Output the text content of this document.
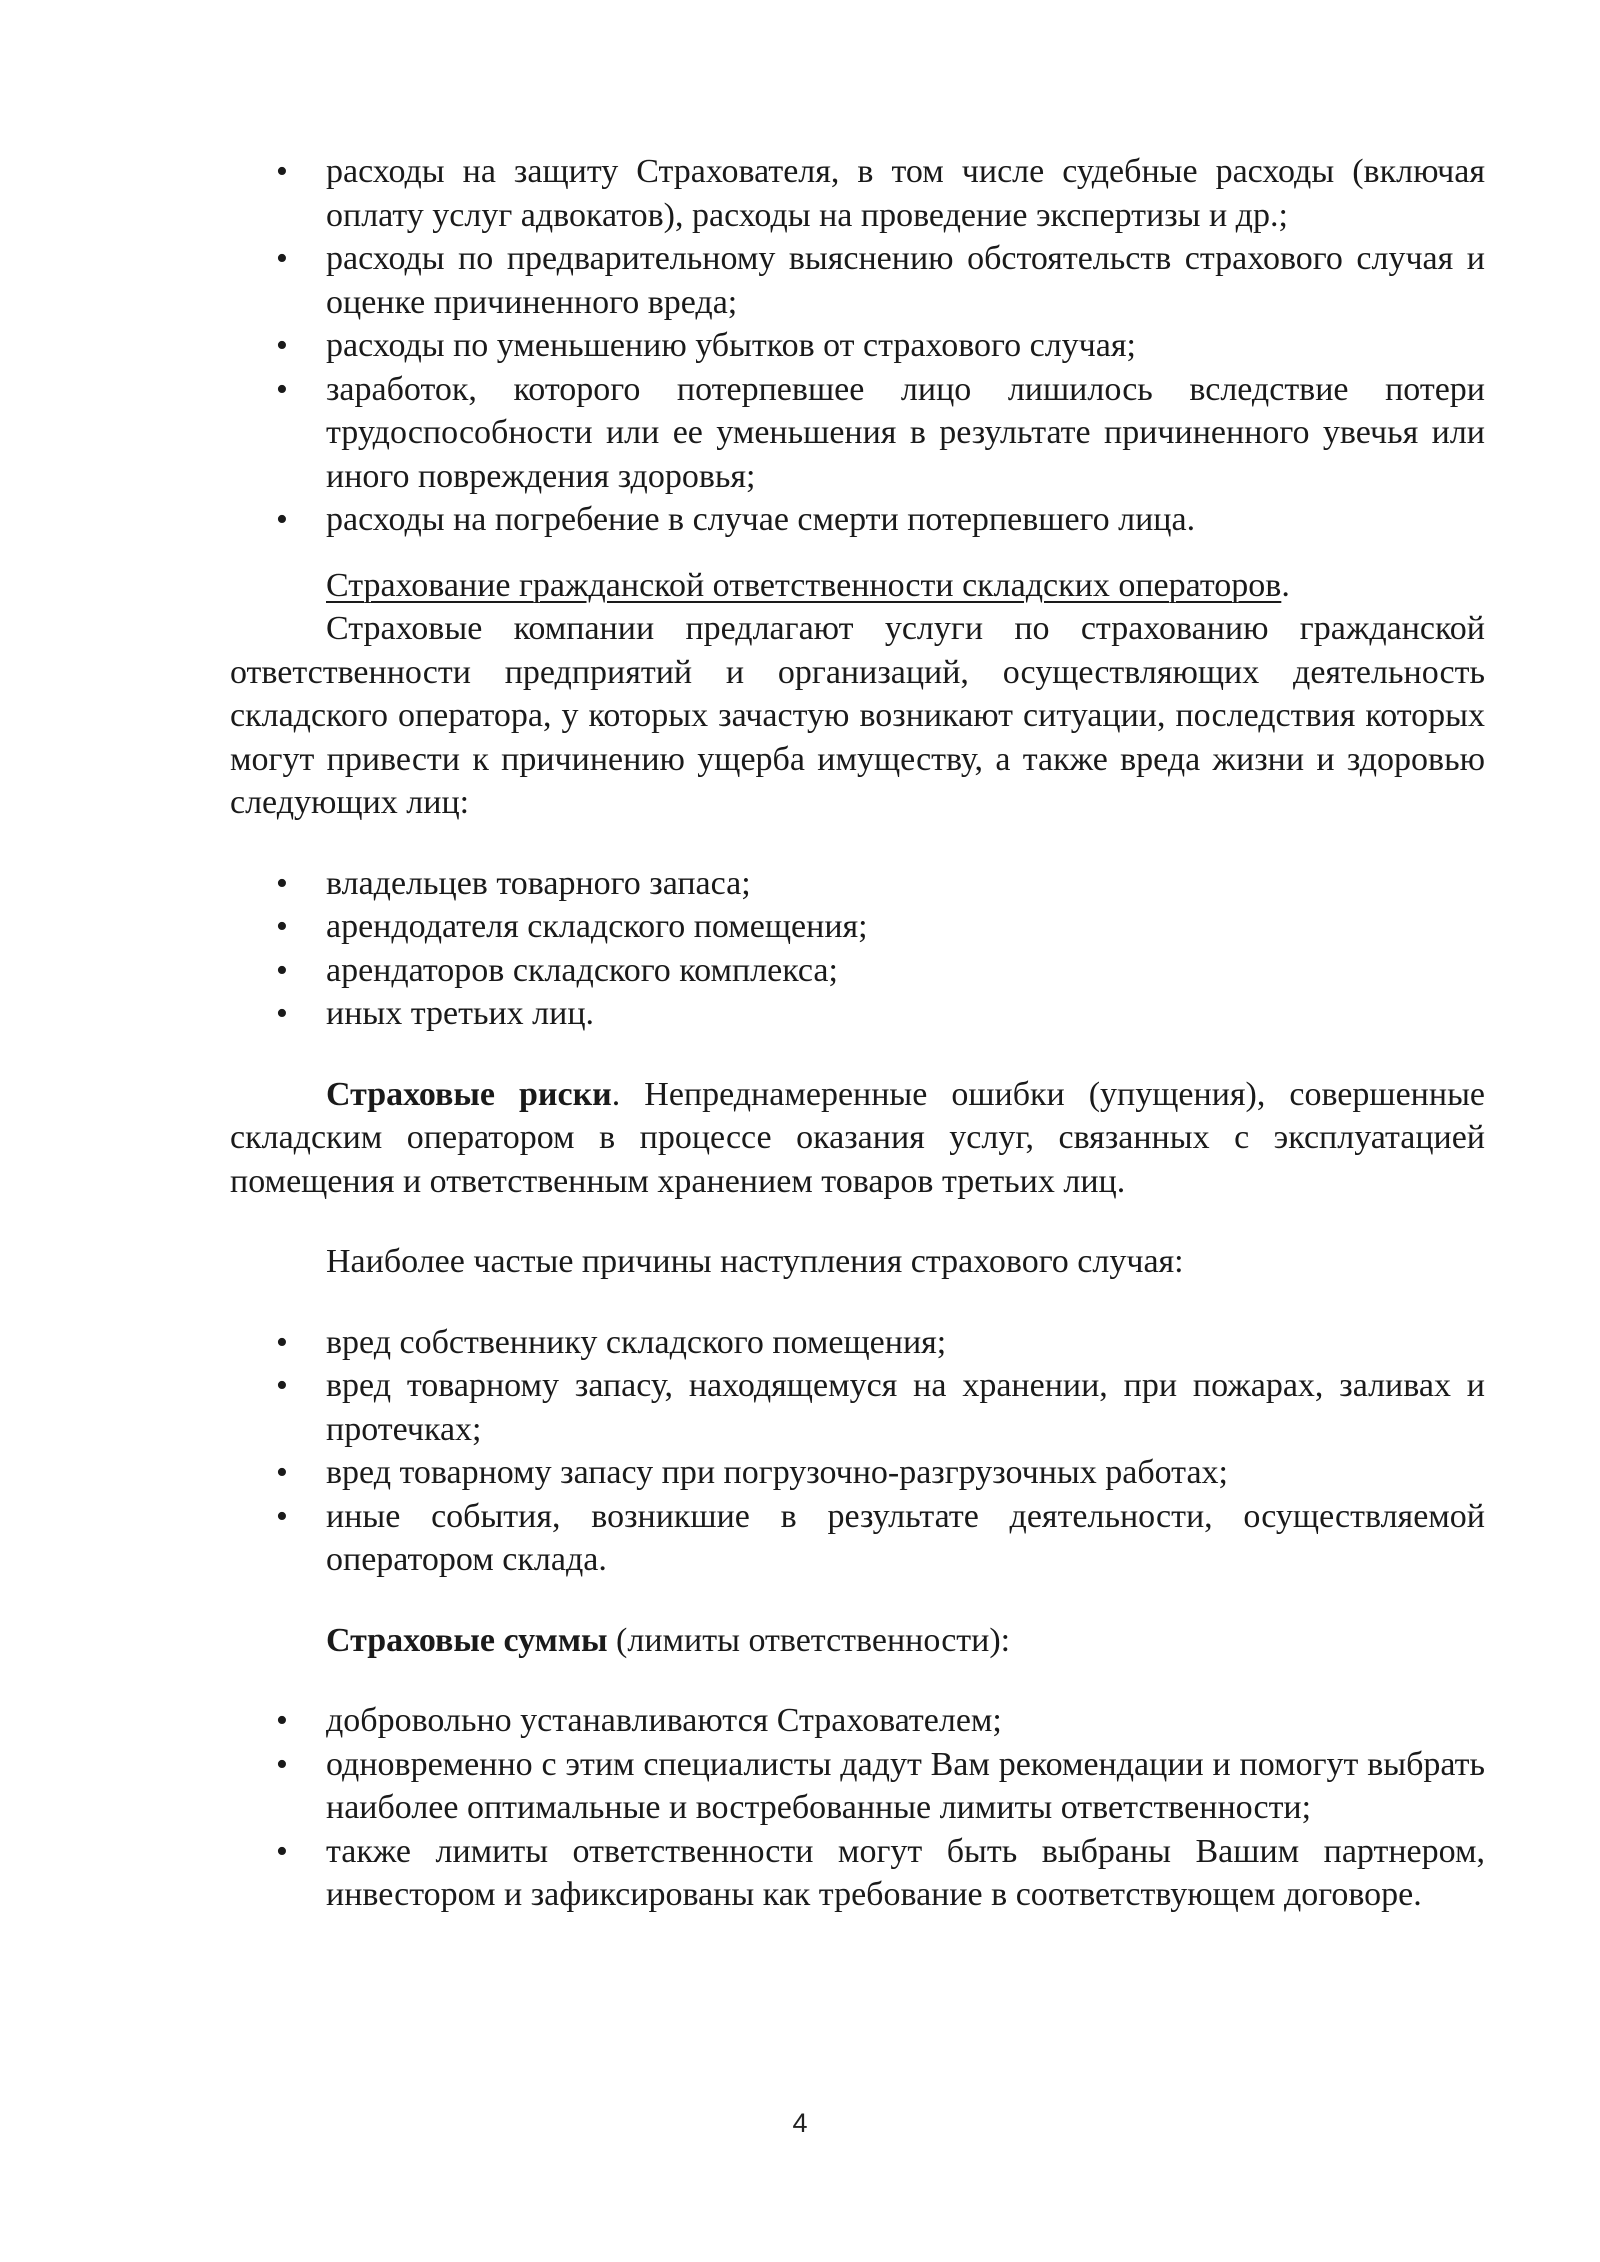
• расходы на защиту Страхователя, в том числе судебные расходы (включая оплату услуг адвокатов), расходы на проведение экспертизы и др.;
• расходы по предварительному выяснению обстоятельств страхового случая и оценке причиненного вреда;
• расходы по уменьшению убытков от страхового случая;
• заработок, которого потерпевшее лицо лишилось вследствие потери трудоспособности или ее уменьшения в результате причиненного увечья или иного повреждения здоровья;
• расходы на погребение в случае смерти потерпевшего лица.

Страхование гражданской ответственности складских операторов.

Страховые компании предлагают услуги по страхованию гражданской ответственности предприятий и организаций, осуществляющих деятельность складского оператора, у которых зачастую возникают ситуации, последствия которых могут привести к причинению ущерба имуществу, а также вреда жизни и здоровью следующих лиц:

• владельцев товарного запаса;
• арендодателя складского помещения;
• арендаторов складского комплекса;
• иных третьих лиц.

Страховые риски. Непреднамеренные ошибки (упущения), совершенные складским оператором в процессе оказания услуг, связанных с эксплуатацией помещения и ответственным хранением товаров третьих лиц.

Наиболее частые причины наступления страхового случая:

• вред собственнику складского помещения;
• вред товарному запасу, находящемуся на хранении, при пожарах, заливах и протечках;
• вред товарному запасу при погрузочно-разгрузочных работах;
• иные события, возникшие в результате деятельности, осуществляемой оператором склада.

Страховые суммы (лимиты ответственности):

• добровольно устанавливаются Страхователем;
• одновременно с этим специалисты дадут Вам рекомендации и помогут выбрать наиболее оптимальные и востребованные лимиты ответственности;
• также лимиты ответственности могут быть выбраны Вашим партнером, инвестором и зафиксированы как требование в соответствующем договоре.
4
